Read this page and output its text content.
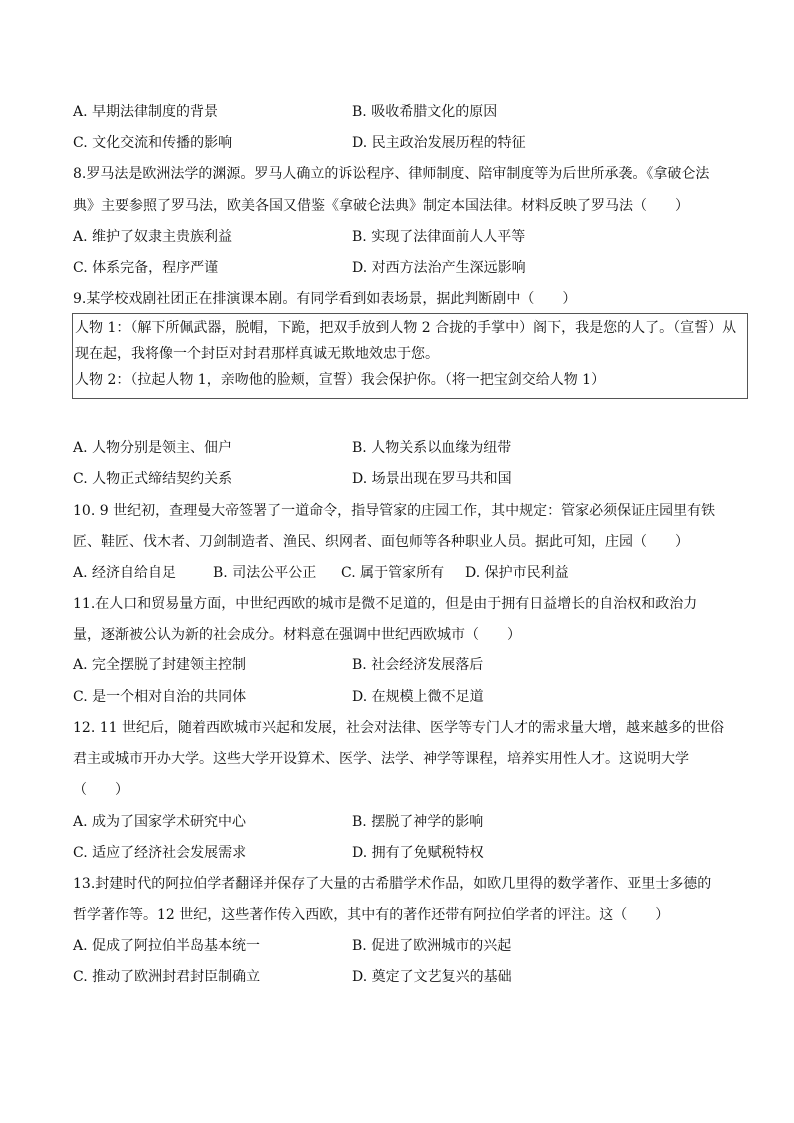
A. 早期法律制度的背景	B. 吸收希腊文化的原因
C. 文化交流和传播的影响	D. 民主政治发展历程的特征
8.罗马法是欧洲法学的渊源。罗马人确立的诉讼程序、律师制度、陪审制度等为后世所承袭。《拿破仑法
典》主要参照了罗马法，欧美各国又借鉴《拿破仑法典》制定本国法律。材料反映了罗马法（　　）
A. 维护了奴隶主贵族利益	B. 实现了法律面前人人平等
C. 体系完备，程序严谨	D. 对西方法治产生深远影响
9.某学校戏剧社团正在排演课本剧。有同学看到如表场景，据此判断剧中（　　）
人物 1：（解下所佩武器，脱帽，下跪，把双手放到人物 2 合拢的手掌中）阁下，我是您的人了。（宣誓）从
现在起，我将像一个封臣对封君那样真诚无欺地效忠于您。
人物 2：（拉起人物 1，亲吻他的脸颊，宣誓）我会保护你。（将一把宝剑交给人物 1）
A. 人物分别是领主、佃户	B. 人物关系以血缘为纽带
C. 人物正式缔结契约关系	D. 场景出现在罗马共和国
10. 9 世纪初，查理曼大帝签署了一道命令，指导管家的庄园工作，其中规定：管家必须保证庄园里有铁
匠、鞋匠、伐木者、刀剑制造者、渔民、织网者、面包师等各种职业人员。据此可知，庄园（　　）
A. 经济自给自足	B. 司法公平公正 C. 属于管家所有 D. 保护市民利益
11.在人口和贸易量方面，中世纪西欧的城市是微不足道的，但是由于拥有日益增长的自治权和政治力
量，逐渐被公认为新的社会成分。材料意在强调中世纪西欧城市（　　）
A. 完全摆脱了封建领主控制	B. 社会经济发展落后
C. 是一个相对自治的共同体	D. 在规模上微不足道
12. 11 世纪后，随着西欧城市兴起和发展，社会对法律、医学等专门人才的需求量大增，越来越多的世俗
君主或城市开办大学。这些大学开设算术、医学、法学、神学等课程，培养实用性人才。这说明大学
（　　）
A. 成为了国家学术研究中心	B. 摆脱了神学的影响
C. 适应了经济社会发展需求	D. 拥有了免赋税特权
13.封建时代的阿拉伯学者翻译并保存了大量的古希腊学术作品，如欧几里得的数学著作、亚里士多德的
哲学著作等。12 世纪，这些著作传入西欧，其中有的著作还带有阿拉伯学者的评注。这（　　）
A. 促成了阿拉伯半岛基本统一	B. 促进了欧洲城市的兴起
C. 推动了欧洲封君封臣制确立	D. 奠定了文艺复兴的基础
